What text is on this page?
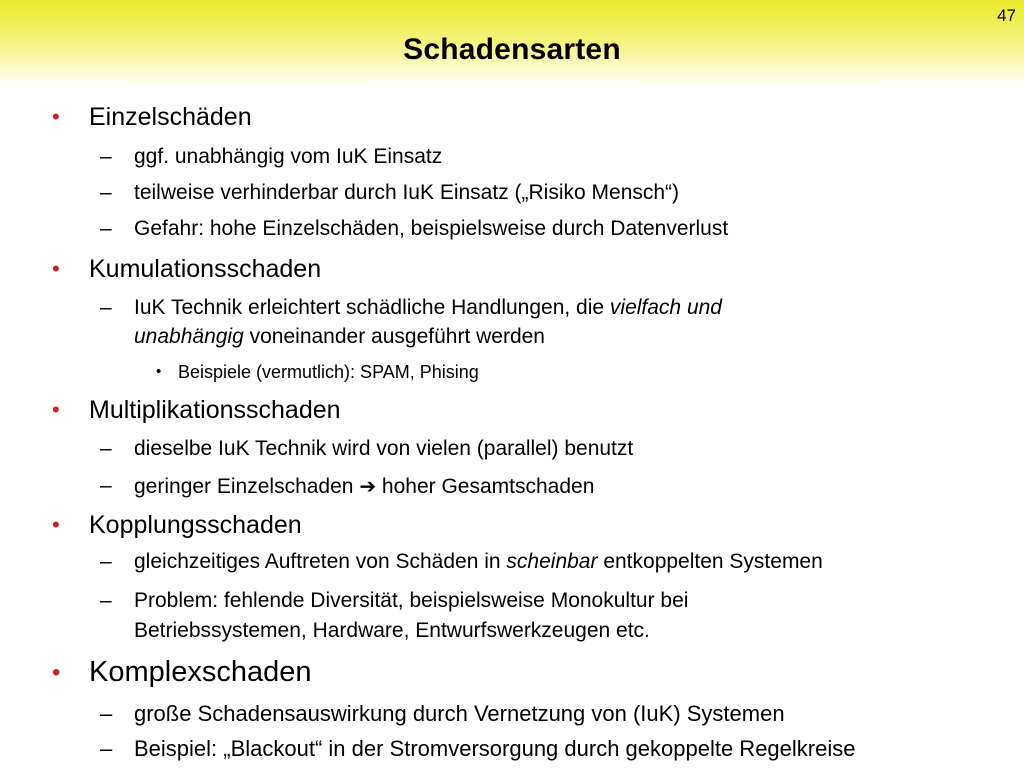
47
Schadensarten
• Einzelschäden
– ggf. unabhängig vom IuK Einsatz
– teilweise verhinderbar durch IuK Einsatz („Risiko Mensch“)
– Gefahr: hohe Einzelschäden, beispielsweise durch Datenverlust
• Kumulationsschaden
– IuK Technik erleichtert schädliche Handlungen, die vielfach und
unabhängig voneinander ausgeführt werden
• Beispiele (vermutlich): SPAM, Phising
• Multiplikationsschaden
– dieselbe IuK Technik wird von vielen (parallel) benutzt
– geringer Einzelschaden ➔ hoher Gesamtschaden
• Kopplungsschaden
– gleichzeitiges Auftreten von Schäden in scheinbar entkoppelten Systemen
– Problem: fehlende Diversität, beispielsweise Monokultur bei
Betriebssystemen, Hardware, Entwurfswerkzeugen etc.
• Komplexschaden
– große Schadensauswirkung durch Vernetzung von (IuK) Systemen
– Beispiel: „Blackout“ in der Stromversorgung durch gekoppelte Regelkreise
